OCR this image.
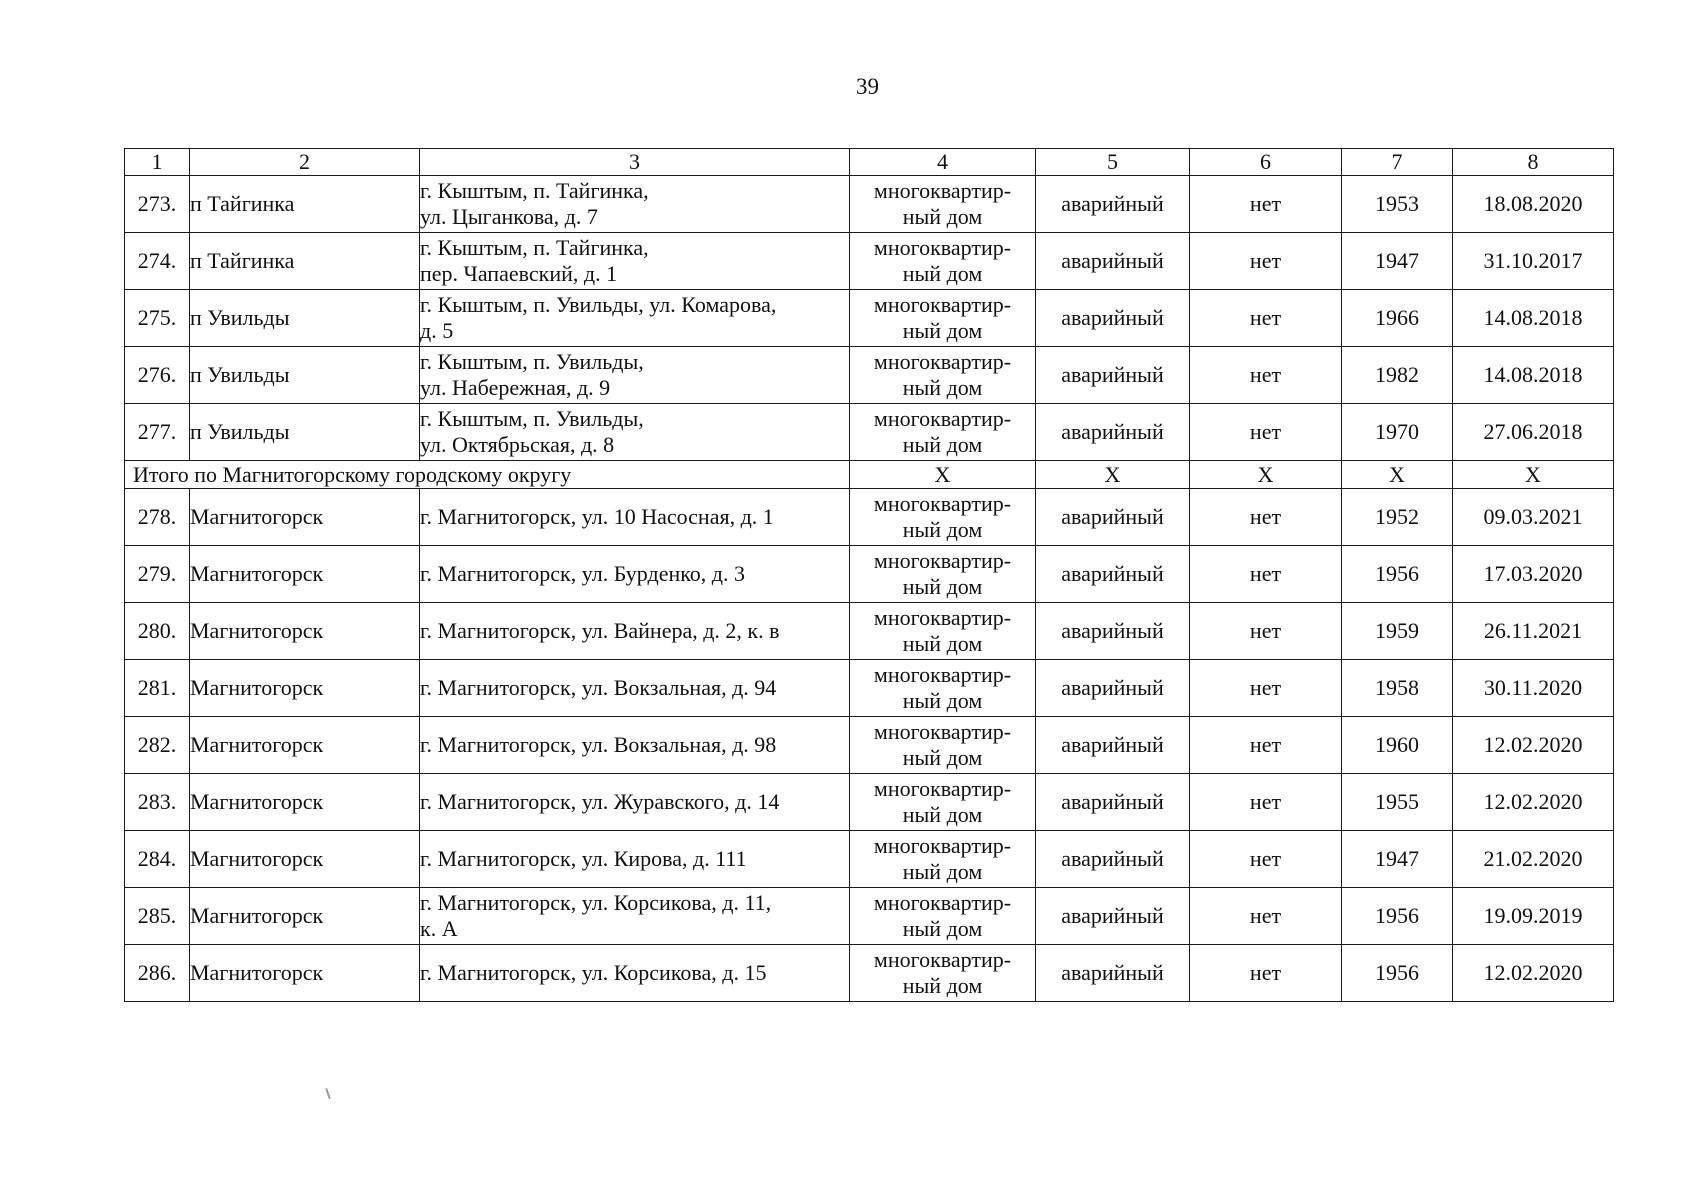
39
1	2	3	4	5	6	7	8
273.	п Тайгинка	г. Кыштым, п. Тайгинка,
ул. Цыганкова, д. 7	многоквартир-
ный дом	аварийный	нет	1953	18.08.2020
274.	п Тайгинка	г. Кыштым, п. Тайгинка,
пер. Чапаевский, д. 1	многоквартир-
ный дом	аварийный	нет	1947	31.10.2017
275.	п Увильды	г. Кыштым, п. Увильды, ул. Комарова,
д. 5	многоквартир-
ный дом	аварийный	нет	1966	14.08.2018
276.	п Увильды	г. Кыштым, п. Увильды,
ул. Набережная, д. 9	многоквартир-
ный дом	аварийный	нет	1982	14.08.2018
277.	п Увильды	г. Кыштым, п. Увильды,
ул. Октябрьская, д. 8	многоквартир-
ный дом	аварийный	нет	1970	27.06.2018
Итого по Магнитогорскому городскому округу			X	X	X	X	X
278.	Магнитогорск	г. Магнитогорск, ул. 10 Насосная, д. 1	многоквартир-
ный дом	аварийный	нет	1952	09.03.2021
279.	Магнитогорск	г. Магнитогорск, ул. Бурденко, д. 3	многоквартир-
ный дом	аварийный	нет	1956	17.03.2020
280.	Магнитогорск	г. Магнитогорск, ул. Вайнера, д. 2, к. в	многоквартир-
ный дом	аварийный	нет	1959	26.11.2021
281.	Магнитогорск	г. Магнитогорск, ул. Вокзальная, д. 94	многоквартир-
ный дом	аварийный	нет	1958	30.11.2020
282.	Магнитогорск	г. Магнитогорск, ул. Вокзальная, д. 98	многоквартир-
ный дом	аварийный	нет	1960	12.02.2020
283.	Магнитогорск	г. Магнитогорск, ул. Журавского, д. 14	многоквартир-
ный дом	аварийный	нет	1955	12.02.2020
284.	Магнитогорск	г. Магнитогорск, ул. Кирова, д. 111	многоквартир-
ный дом	аварийный	нет	1947	21.02.2020
285.	Магнитогорск	г. Магнитогорск, ул. Корсикова, д. 11,
к. А	многоквартир-
ный дом	аварийный	нет	1956	19.09.2019
286.	Магнитогорск	г. Магнитогорск, ул. Корсикова, д. 15	многоквартир-
ный дом	аварийный	нет	1956	12.02.2020
